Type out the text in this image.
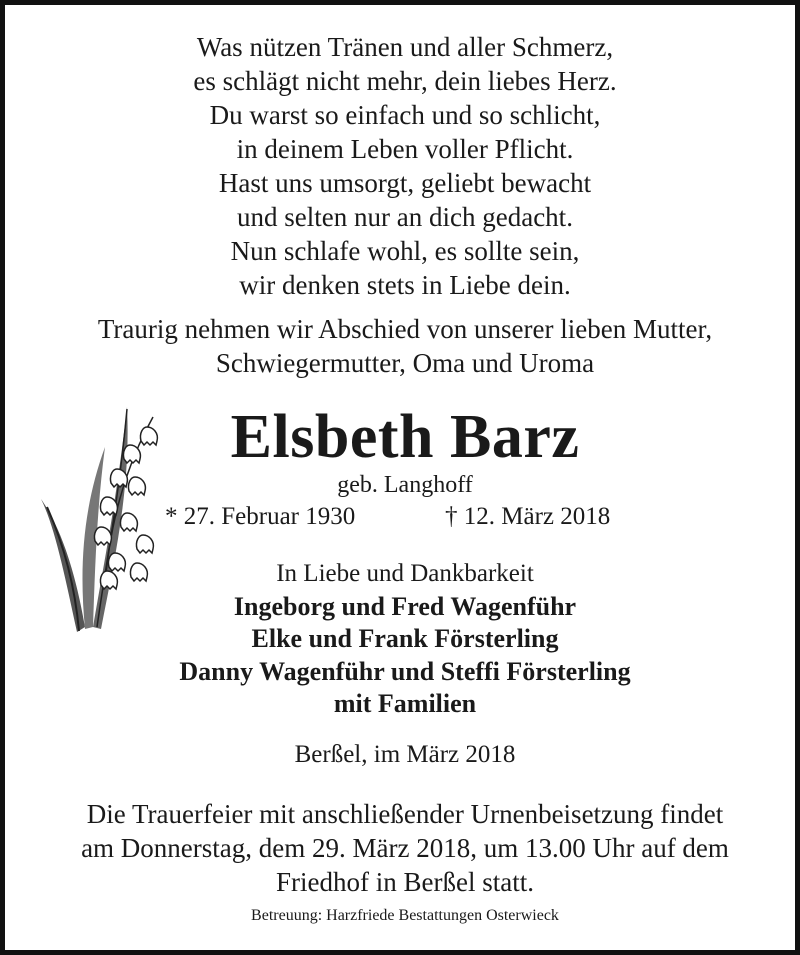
Was nützen Tränen und aller Schmerz,
es schlägt nicht mehr, dein liebes Herz.
Du warst so einfach und so schlicht,
in deinem Leben voller Pflicht.
Hast uns umsorgt, geliebt bewacht
und selten nur an dich gedacht.
Nun schlafe wohl, es sollte sein,
wir denken stets in Liebe dein.
Traurig nehmen wir Abschied von unserer lieben Mutter,
Schwiegermutter, Oma und Uroma
Elsbeth Barz
geb. Langhoff
* 27. Februar 1930	† 12. März 2018
In Liebe und Dankbarkeit
Ingeborg und Fred Wagenführ
Elke und Frank Försterling
Danny Wagenführ und Steffi Försterling
mit Familien
Berßel, im März 2018
Die Trauerfeier mit anschließender Urnenbeisetzung findet
am Donnerstag, dem 29. März 2018, um 13.00 Uhr auf dem
Friedhof in Berßel statt.
Betreuung: Harzfriede Bestattungen Osterwieck
